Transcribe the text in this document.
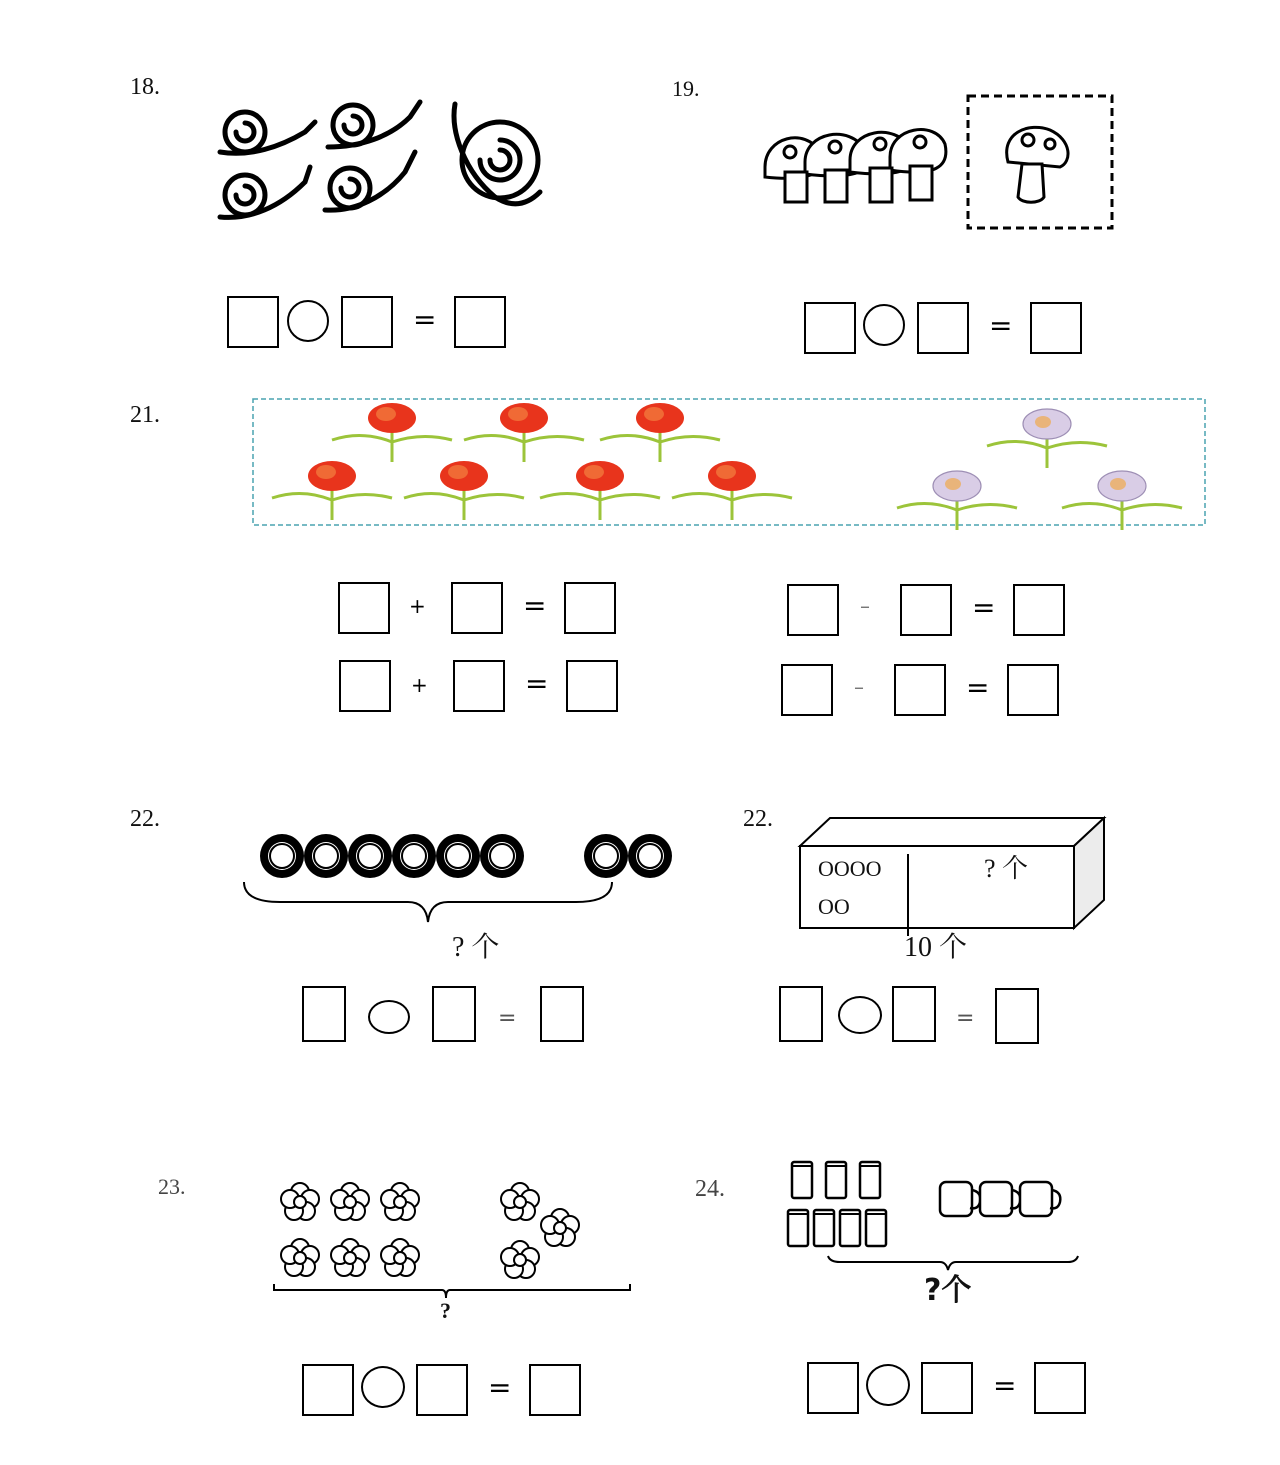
18.
=
19.
=
21.
+	=
+	=
–	=
–	=
22.
? 个
=
22.
OOOO
OO
? 个
10 个
=
23.
?
=
24.
?个
=
